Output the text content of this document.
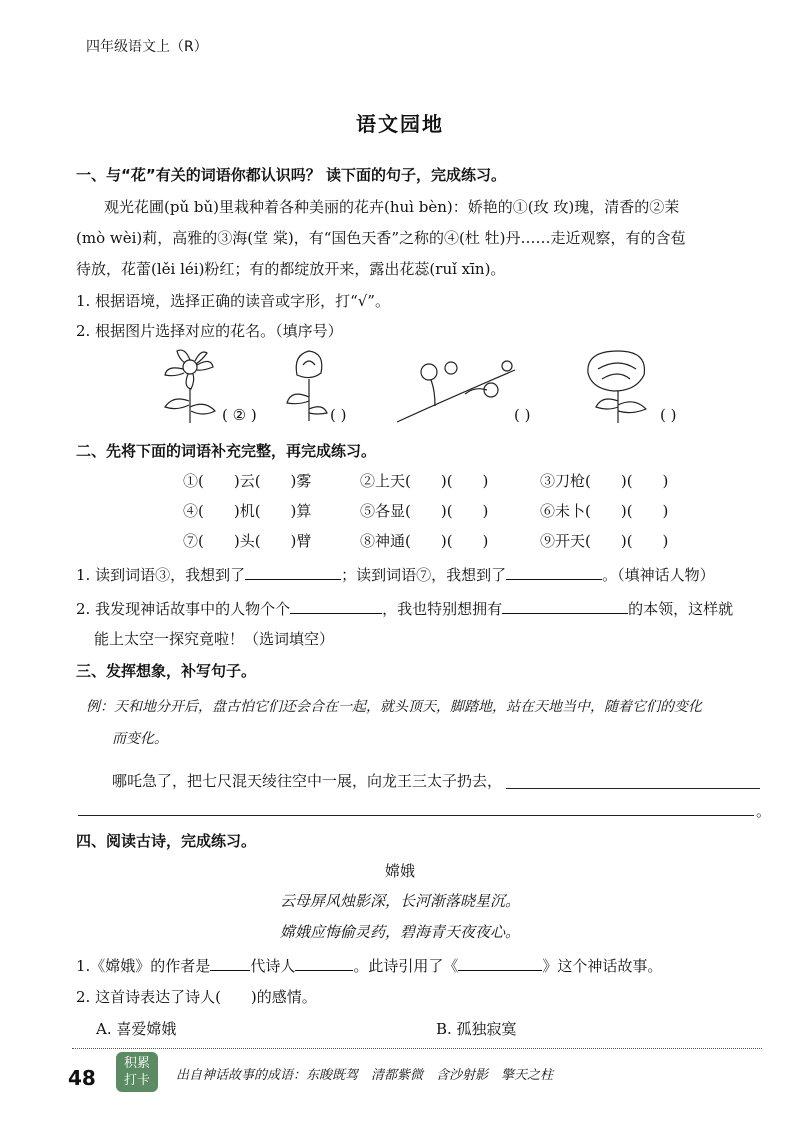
四年级语文上（R）
语文园地
一、与“花”有关的词语你都认识吗？ 读下面的句子，完成练习。
观光花圃(pǔ bǔ)里栽种着各种美丽的花卉(huì bèn)：娇艳的①(玫 玫)瑰，清香的②茉
(mò wèi)莉，高雅的③海(堂 棠)，有“国色天香”之称的④(杜 牡)丹……走近观察，有的含苞
待放，花蕾(lěi léi)粉红；有的都绽放开来，露出花蕊(ruǐ xīn)。
1. 根据语境，选择正确的读音或字形，打“√”。
2. 根据图片选择对应的花名。（填序号）
( ② )	( )	( )	( )
二、先将下面的词语补充完整，再完成练习。
①(　　)云(　　)雾	②上天(　　)(　　)	③刀枪(　　)(　　)
④(　　)机(　　)算	⑤各显(　　)(　　)	⑥未卜(　　)(　　)
⑦(　　)头(　　)臂	⑧神通(　　)(　　)	⑨开天(　　)(　　)
1. 读到词语③，我想到了	；读到词语⑦，我想到了	。（填神话人物）
2. 我发现神话故事中的人物个个	，我也特别想拥有	的本领，这样就
能上太空一探究竟啦！（选词填空）
三、发挥想象，补写句子。
例：天和地分开后，盘古怕它们还会合在一起，就头顶天，脚踏地，站在天地当中，随着它们的变化
而变化。
哪吒急了，把七尺混天绫往空中一展，向龙王三太子扔去，
。
四、阅读古诗，完成练习。
嫦娥
云母屏风烛影深，长河渐落晓星沉。
嫦娥应悔偷灵药，碧海青天夜夜心。
1.《嫦娥》的作者是	代诗人	。此诗引用了《	》这个神话故事。
2. 这首诗表达了诗人(　　)的感情。
A. 喜爱嫦娥	B. 孤独寂寞
48
积累
打卡	出自神话故事的成语：东睃既驾　清都紫微　含沙射影　擎天之柱
